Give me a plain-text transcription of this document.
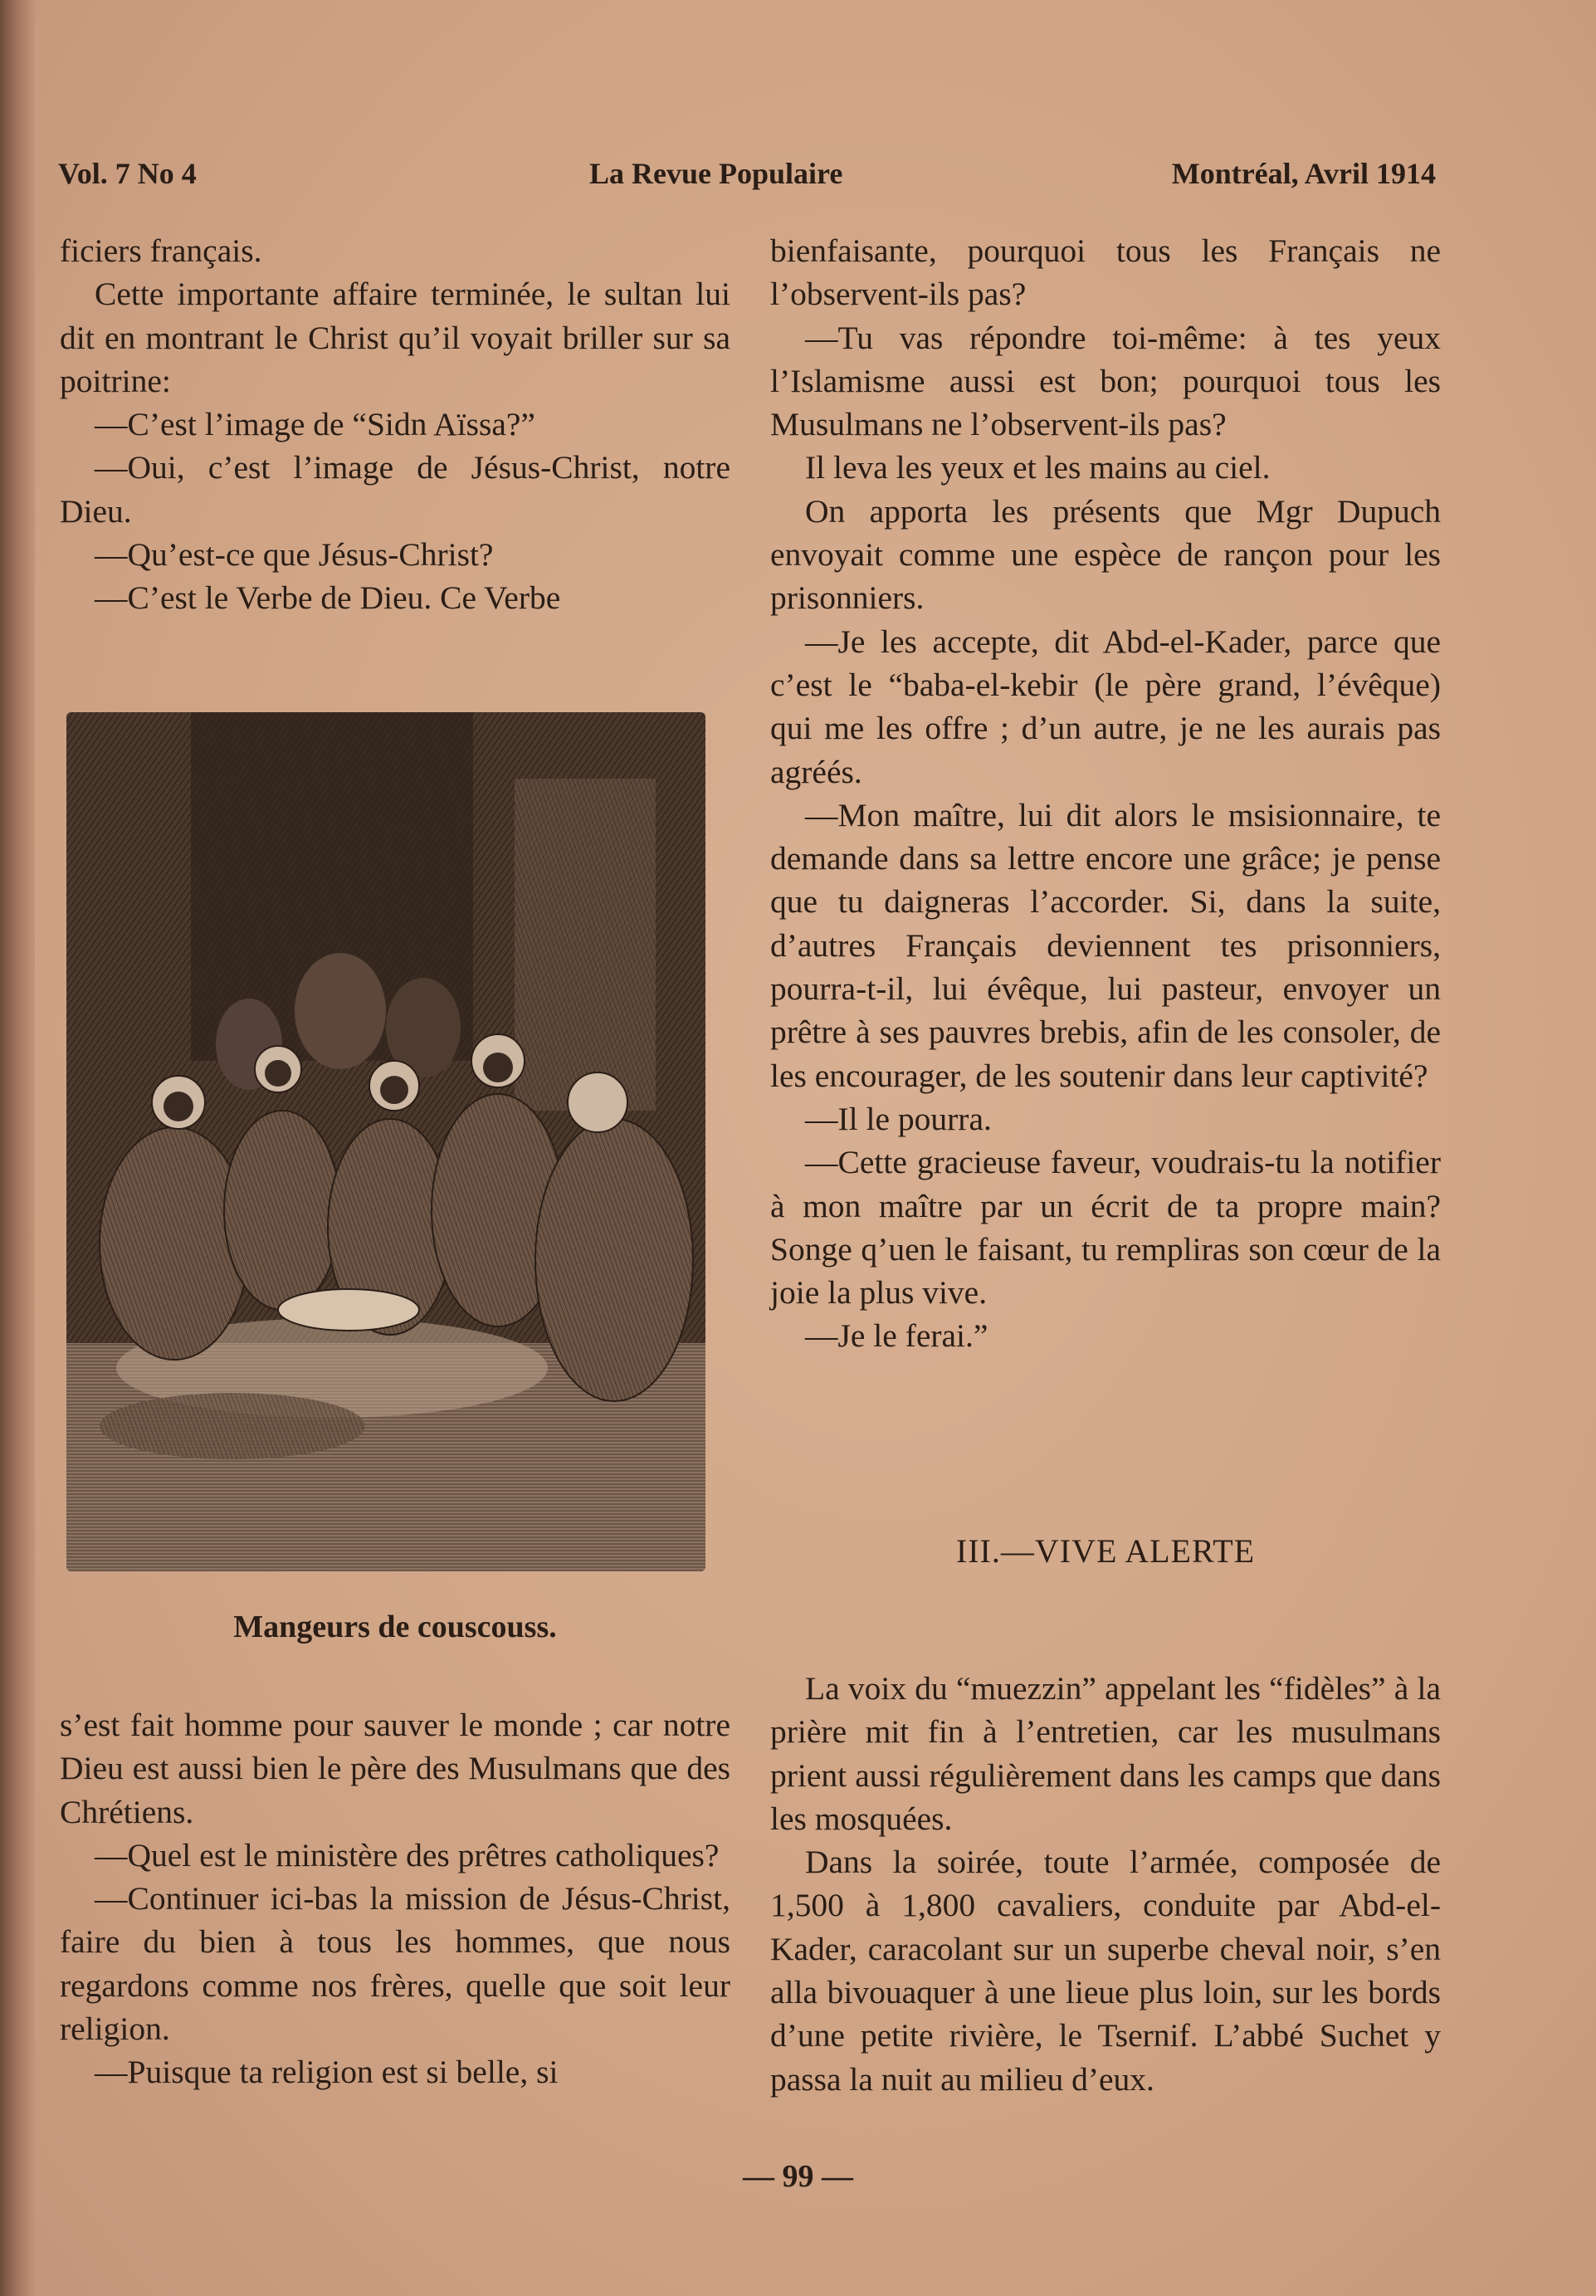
Vol. 7 No 4	La Revue Populaire	Montréal, Avril 1914

ficiers français.

Cette importante affaire terminée, le sultan lui dit en montrant le Christ qu’il voyait briller sur sa poitrine:

—C’est l’image de “Sidn Aïssa?”

—Oui, c’est l’image de Jésus-Christ, notre Dieu.

—Qu’est-ce que Jésus-Christ?

—C’est le Verbe de Dieu. Ce Verbe

Mangeurs de couscouss.

s’est fait homme pour sauver le monde ; car notre Dieu est aussi bien le père des Musulmans que des Chrétiens.

—Quel est le ministère des prêtres catholiques?

—Continuer ici-bas la mission de Jésus-Christ, faire du bien à tous les hommes, que nous regardons comme nos frères, quelle que soit leur religion.

—Puisque ta religion est si belle, si

bienfaisante, pourquoi tous les Français ne l’observent-ils pas?

—Tu vas répondre toi-même: à tes yeux l’Islamisme aussi est bon; pourquoi tous les Musulmans ne l’observent-ils pas?

Il leva les yeux et les mains au ciel.

On apporta les présents que Mgr Dupuch envoyait comme une espèce de rançon pour les prisonniers.

—Je les accepte, dit Abd-el-Kader, parce que c’est le “baba-el-kebir (le père grand, l’évêque) qui me les offre ; d’un autre, je ne les aurais pas agréés.

—Mon maître, lui dit alors le msisionnaire, te demande dans sa lettre encore une grâce; je pense que tu daigneras l’accorder. Si, dans la suite, d’autres Français deviennent tes prisonniers, pourra-t-il, lui évêque, lui pasteur, envoyer un prêtre à ses pauvres brebis, afin de les consoler, de les encourager, de les soutenir dans leur captivité?

—Il le pourra.

—Cette gracieuse faveur, voudrais-tu la notifier à mon maître par un écrit de ta propre main? Songe q’uen le faisant, tu rempliras son cœur de la joie la plus vive.

—Je le ferai.”

III.—VIVE ALERTE

La voix du “muezzin” appelant les “fidèles” à la prière mit fin à l’entretien, car les musulmans prient aussi régulièrement dans les camps que dans les mosquées.

Dans la soirée, toute l’armée, composée de 1,500 à 1,800 cavaliers, conduite par Abd-el-Kader, caracolant sur un superbe cheval noir, s’en alla bivouaquer à une lieue plus loin, sur les bords d’une petite rivière, le Tsernif. L’abbé Suchet y passa la nuit au milieu d’eux.

— 99 —
